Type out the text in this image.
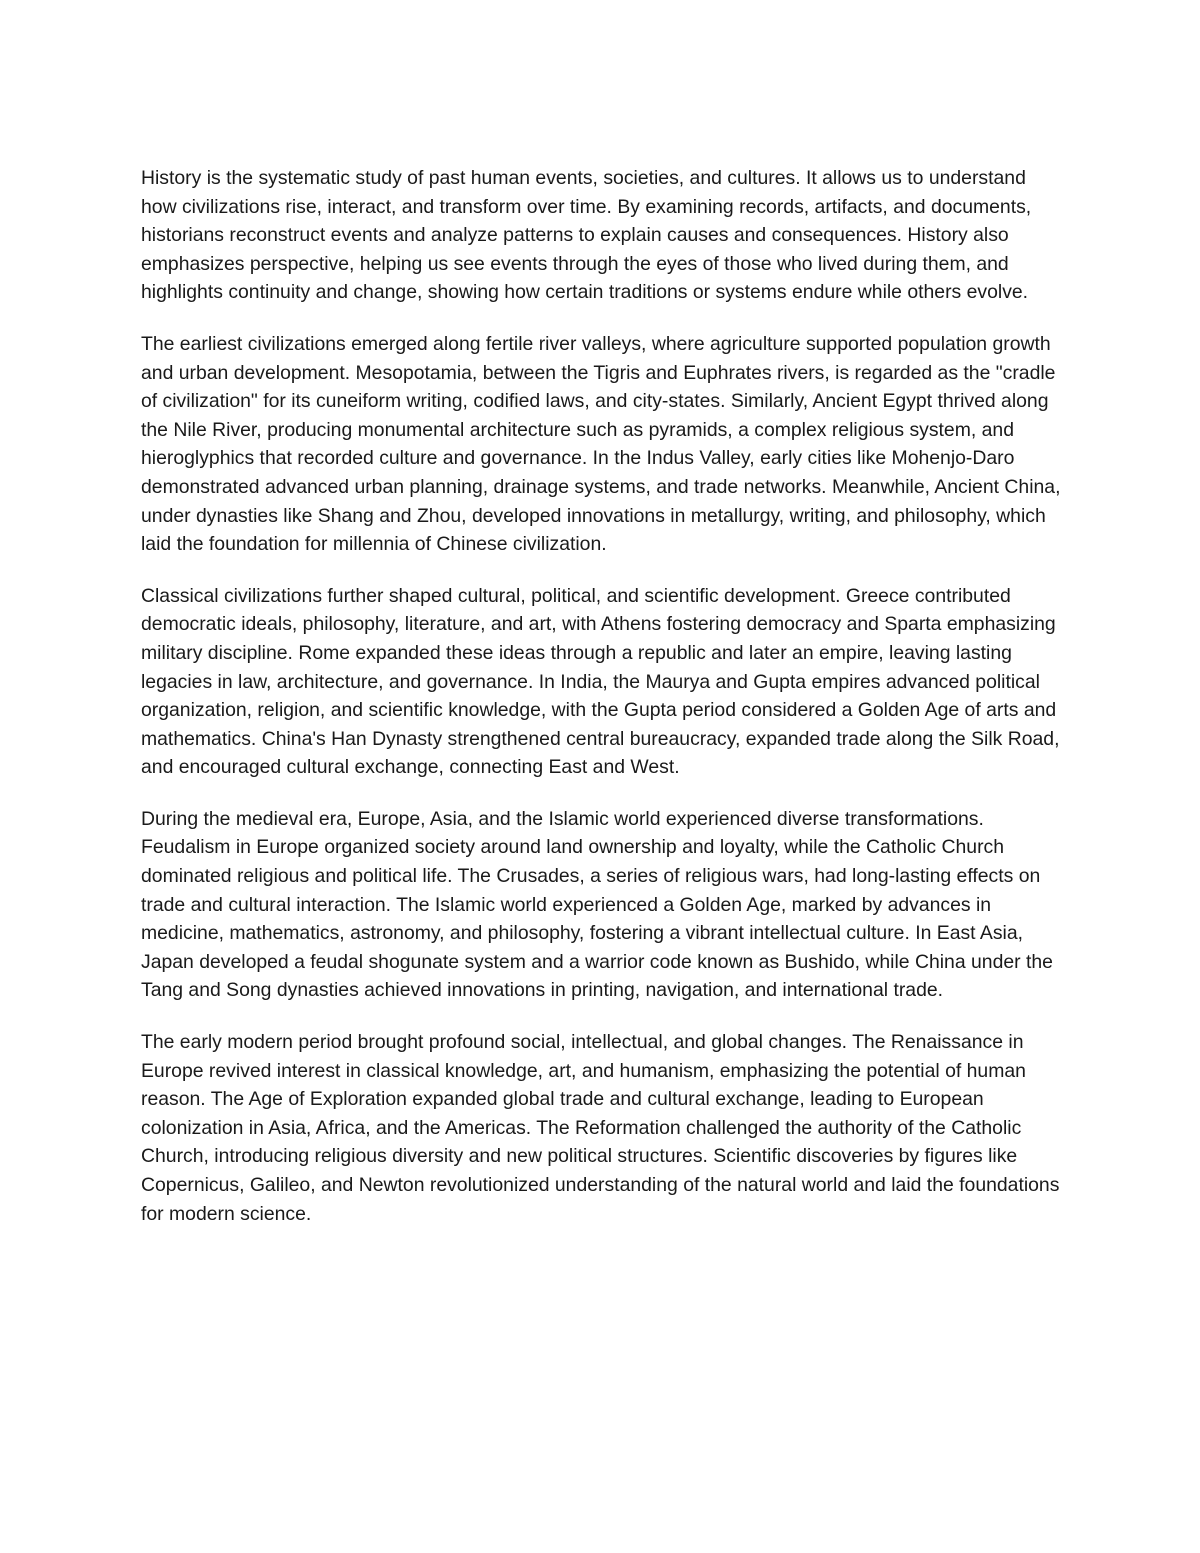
History is the systematic study of past human events, societies, and cultures. It allows us to understand how civilizations rise, interact, and transform over time. By examining records, artifacts, and documents, historians reconstruct events and analyze patterns to explain causes and consequences. History also emphasizes perspective, helping us see events through the eyes of those who lived during them, and highlights continuity and change, showing how certain traditions or systems endure while others evolve.

The earliest civilizations emerged along fertile river valleys, where agriculture supported population growth and urban development. Mesopotamia, between the Tigris and Euphrates rivers, is regarded as the "cradle of civilization" for its cuneiform writing, codified laws, and city-states. Similarly, Ancient Egypt thrived along the Nile River, producing monumental architecture such as pyramids, a complex religious system, and hieroglyphics that recorded culture and governance. In the Indus Valley, early cities like Mohenjo-Daro demonstrated advanced urban planning, drainage systems, and trade networks. Meanwhile, Ancient China, under dynasties like Shang and Zhou, developed innovations in metallurgy, writing, and philosophy, which laid the foundation for millennia of Chinese civilization.

Classical civilizations further shaped cultural, political, and scientific development. Greece contributed democratic ideals, philosophy, literature, and art, with Athens fostering democracy and Sparta emphasizing military discipline. Rome expanded these ideas through a republic and later an empire, leaving lasting legacies in law, architecture, and governance. In India, the Maurya and Gupta empires advanced political organization, religion, and scientific knowledge, with the Gupta period considered a Golden Age of arts and mathematics. China's Han Dynasty strengthened central bureaucracy, expanded trade along the Silk Road, and encouraged cultural exchange, connecting East and West.

During the medieval era, Europe, Asia, and the Islamic world experienced diverse transformations. Feudalism in Europe organized society around land ownership and loyalty, while the Catholic Church dominated religious and political life. The Crusades, a series of religious wars, had long-lasting effects on trade and cultural interaction. The Islamic world experienced a Golden Age, marked by advances in medicine, mathematics, astronomy, and philosophy, fostering a vibrant intellectual culture. In East Asia, Japan developed a feudal shogunate system and a warrior code known as Bushido, while China under the Tang and Song dynasties achieved innovations in printing, navigation, and international trade.

The early modern period brought profound social, intellectual, and global changes. The Renaissance in Europe revived interest in classical knowledge, art, and humanism, emphasizing the potential of human reason. The Age of Exploration expanded global trade and cultural exchange, leading to European colonization in Asia, Africa, and the Americas. The Reformation challenged the authority of the Catholic Church, introducing religious diversity and new political structures. Scientific discoveries by figures like Copernicus, Galileo, and Newton revolutionized understanding of the natural world and laid the foundations for modern science.
